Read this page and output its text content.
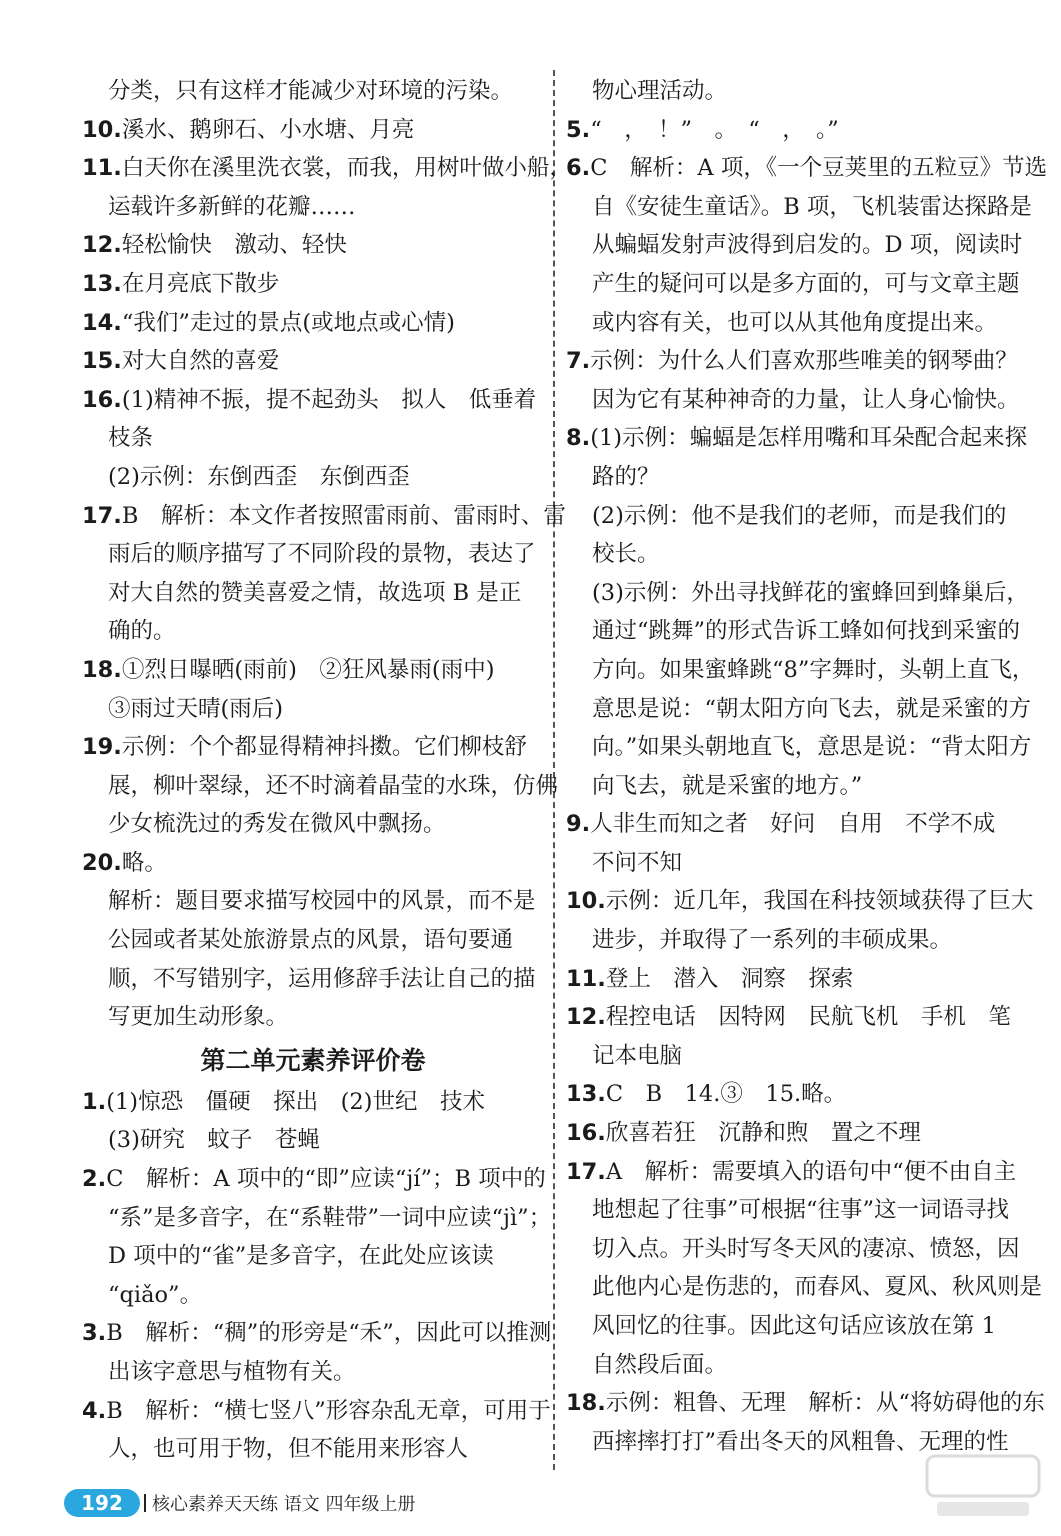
分类，只有这样才能减少对环境的污染。
10.溪水、鹅卵石、小水塘、月亮
11.白天你在溪里洗衣裳，而我，用树叶做小船，
运载许多新鲜的花瓣……
12.轻松愉快　激动、轻快
13.在月亮底下散步
14.“我们”走过的景点(或地点或心情)
15.对大自然的喜爱
16.(1)精神不振，提不起劲头　拟人　低垂着
枝条
(2)示例：东倒西歪　东倒西歪
17.B　解析：本文作者按照雷雨前、雷雨时、雷
雨后的顺序描写了不同阶段的景物，表达了
对大自然的赞美喜爱之情，故选项 B 是正
确的。
18.①烈日曝晒(雨前)　②狂风暴雨(雨中)
③雨过天晴(雨后)
19.示例：个个都显得精神抖擞。它们柳枝舒
展，柳叶翠绿，还不时滴着晶莹的水珠，仿佛
少女梳洗过的秀发在微风中飘扬。
20.略。
解析：题目要求描写校园中的风景，而不是
公园或者某处旅游景点的风景，语句要通
顺，不写错别字，运用修辞手法让自己的描
写更加生动形象。
第二单元素养评价卷
1.(1)惊恐　僵硬　探出　(2)世纪　技术
(3)研究　蚊子　苍蝇
2.C　解析：A 项中的“即”应读“jí”；B 项中的
“系”是多音字，在“系鞋带”一词中应读“jì”；
D 项中的“雀”是多音字，在此处应该读
“qiǎo”。
3.B　解析：“稠”的形旁是“禾”，因此可以推测
出该字意思与植物有关。
4.B　解析：“横七竖八”形容杂乱无章，可用于
人，也可用于物，但不能用来形容人
物心理活动。
5.“　，　！”　。　“　，　。”
6.C　解析：A 项，《一个豆荚里的五粒豆》节选
自《安徒生童话》。B 项，飞机装雷达探路是
从蝙蝠发射声波得到启发的。D 项，阅读时
产生的疑问可以是多方面的，可与文章主题
或内容有关，也可以从其他角度提出来。
7.示例：为什么人们喜欢那些唯美的钢琴曲？
因为它有某种神奇的力量，让人身心愉快。
8.(1)示例：蝙蝠是怎样用嘴和耳朵配合起来探
路的？
(2)示例：他不是我们的老师，而是我们的
校长。
(3)示例：外出寻找鲜花的蜜蜂回到蜂巢后，
通过“跳舞”的形式告诉工蜂如何找到采蜜的
方向。如果蜜蜂跳“8”字舞时，头朝上直飞，
意思是说：“朝太阳方向飞去，就是采蜜的方
向。”如果头朝地直飞，意思是说：“背太阳方
向飞去，就是采蜜的地方。”
9.人非生而知之者　好问　自用　不学不成
不问不知
10.示例：近几年，我国在科技领域获得了巨大
进步，并取得了一系列的丰硕成果。
11.登上　潜入　洞察　探索
12.程控电话　因特网　民航飞机　手机　笔
记本电脑
13.C　B　14.③　15.略。
16.欣喜若狂　沉静和煦　置之不理
17.A　解析：需要填入的语句中“便不由自主
地想起了往事”可根据“往事”这一词语寻找
切入点。开头时写冬天风的凄凉、愤怒，因
此他内心是伤悲的，而春风、夏风、秋风则是
风回忆的往事。因此这句话应该放在第 1
自然段后面。
18.示例：粗鲁、无理　解析：从“将妨碍他的东
西摔摔打打”看出冬天的风粗鲁、无理的性
192	核心素养天天练 语文 四年级上册
